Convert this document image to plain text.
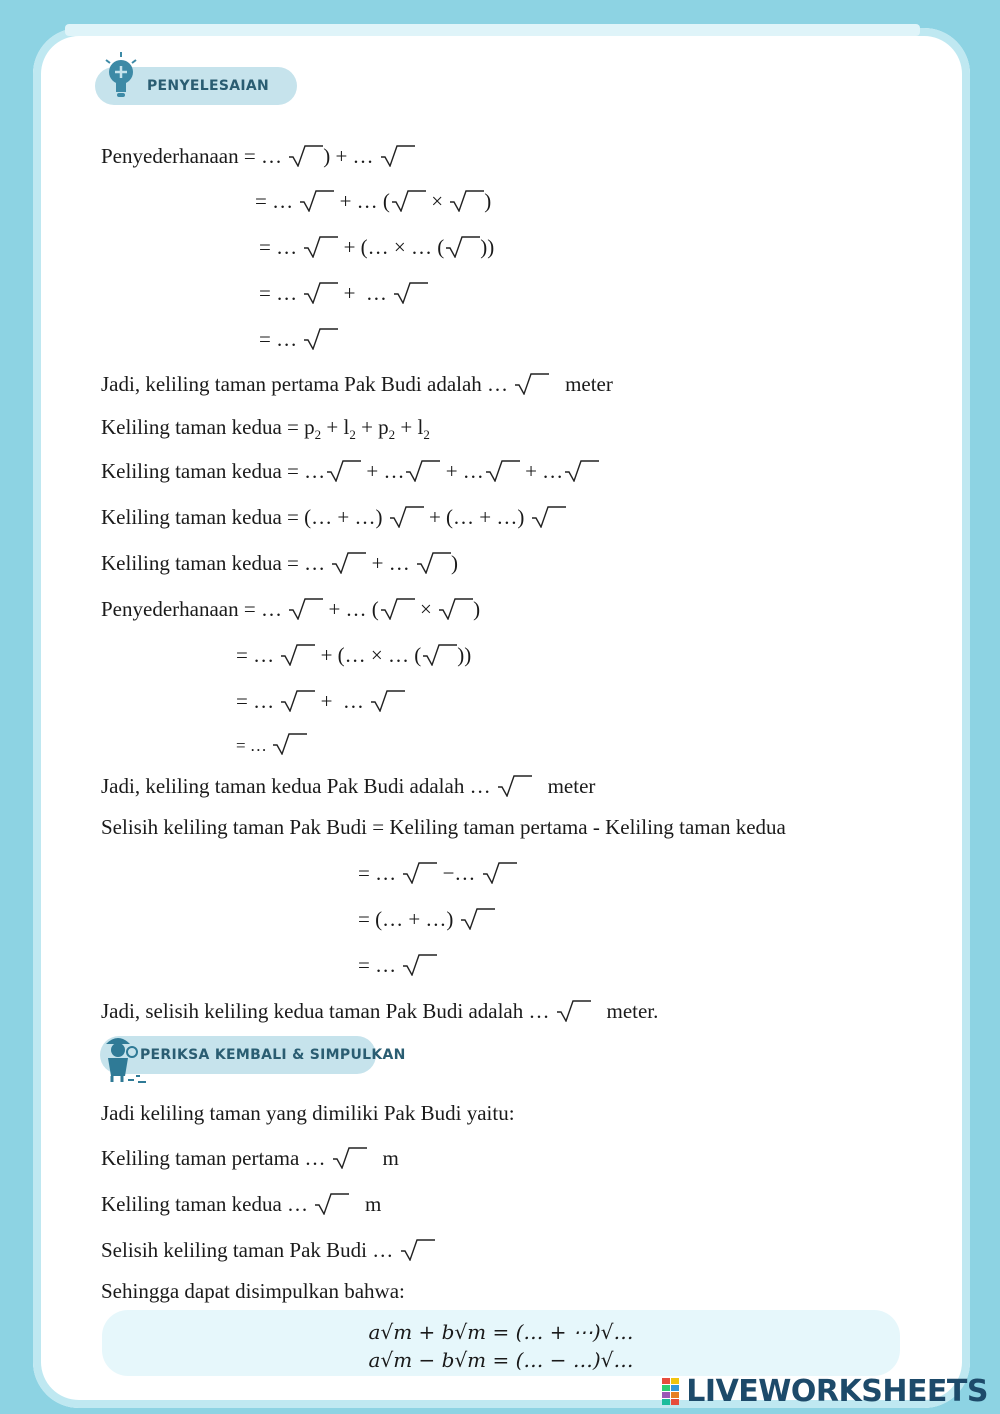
PENYELESAIAN
Penyederhanaan = …
) + …
= …
+ … (
×
)
= …
+ (… × … ( ))
= …
+  …
= …
Jadi, keliling taman pertama Pak Budi adalah …
meter
Keliling taman kedua = $p_2 + l_2 + p_2 + l_2$
Keliling taman kedua = …
+ …
+ …
+ …
Keliling taman kedua = (… + …)
+ (… + …)
Keliling taman kedua = …
+ …
)
Penyederhanaan = …
+ … (
×
)
= …
+ (… × … ( ))
= …
+  …
= …
Jadi, keliling taman kedua Pak Budi adalah …
meter
Selisih keliling taman Pak Budi = Keliling taman pertama - Keliling taman kedua
= …
−…
= (… + …)
= …
Jadi, selisih keliling kedua taman Pak Budi adalah …
meter.
PERIKSA KEMBALI & SIMPULKAN
Jadi keliling taman yang dimiliki Pak Budi yaitu:
Keliling taman pertama …
m
Keliling taman kedua …
m
Selisih keliling taman Pak Budi …
Sehingga dapat disimpulkan bahwa:
a√m + b√m = (… + ⋯)√…
a√m − b√m = (… − …)√…
LIVEWORKSHEETS
